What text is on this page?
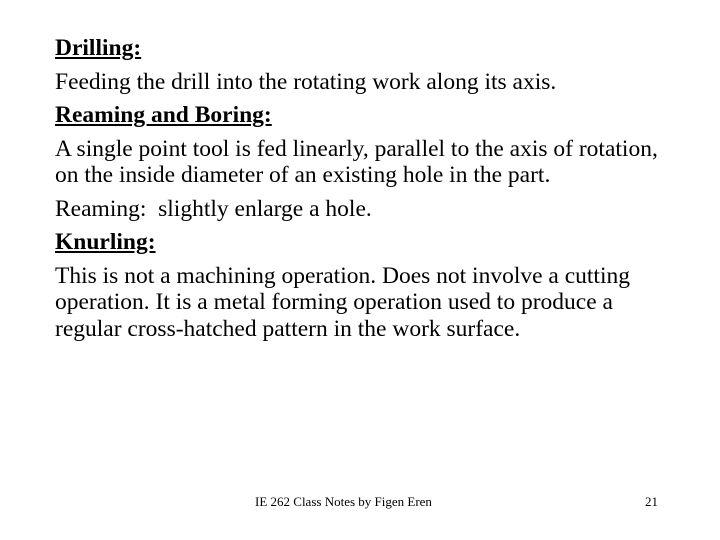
Drilling:
Feeding the drill into the rotating work along its axis.
Reaming and Boring:
A single point tool is fed linearly, parallel to the axis of rotation, on the inside diameter of an existing hole in the part.
Reaming:  slightly enlarge a hole.
Knurling:
This is not a machining operation. Does not involve a cutting operation. It is a metal forming operation used to produce a regular cross-hatched pattern in the work surface.
IE 262 Class Notes by Figen Eren	21
